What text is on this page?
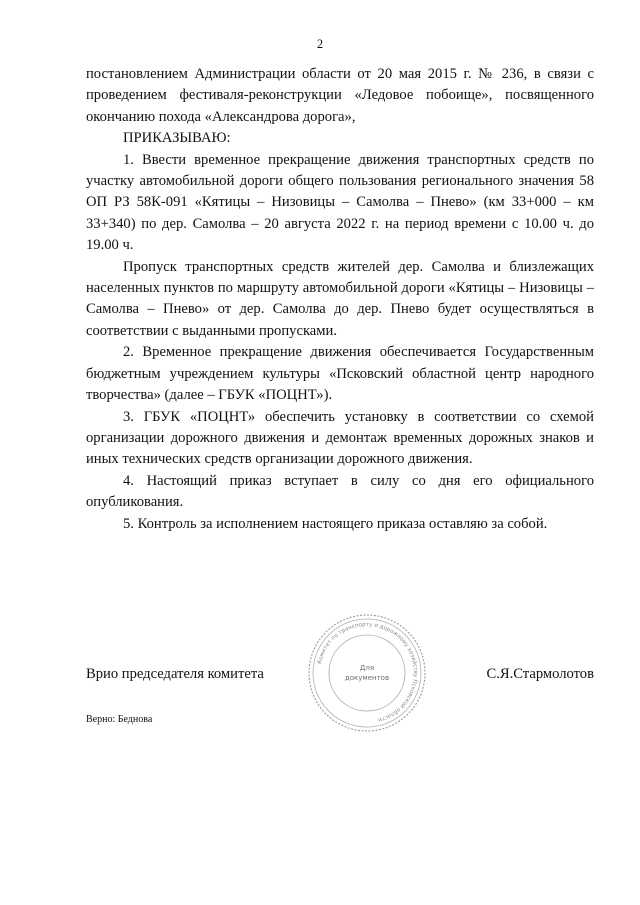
2

постановлением Администрации области от 20 мая 2015 г. № 236, в связи с проведением фестиваля-реконструкции «Ледовое побоище», посвященного окончанию похода «Александрова дорога»,

ПРИКАЗЫВАЮ:

1. Ввести временное прекращение движения транспортных средств по участку автомобильной дороги общего пользования регионального значения 58 ОП РЗ 58К-091 «Кятицы – Низовицы – Самолва – Пнево» (км 33+000 – км 33+340) по дер. Самолва – 20 августа 2022 г. на период времени с 10.00 ч. до 19.00 ч.

Пропуск транспортных средств жителей дер. Самолва и близлежащих населенных пунктов по маршруту автомобильной дороги «Кятицы – Низовицы – Самолва – Пнево» от дер. Самолва до дер. Пнево будет осуществляться в соответствии с выданными пропусками.

2. Временное прекращение движения обеспечивается Государственным бюджетным учреждением культуры «Псковский областной центр народного творчества» (далее – ГБУК «ПОЦНТ»).

3. ГБУК «ПОЦНТ» обеспечить установку в соответствии со схемой организации дорожного движения и демонтаж временных дорожных знаков и иных технических средств организации дорожного движения.

4. Настоящий приказ вступает в силу со дня его официального опубликования.

5. Контроль за исполнением настоящего приказа оставляю за собой.

Врио председателя комитета	С.Я.Стармолотов
Комитет по транспорту и дорожному хозяйству Псковской области
Для
документов
Верно: Беднова
